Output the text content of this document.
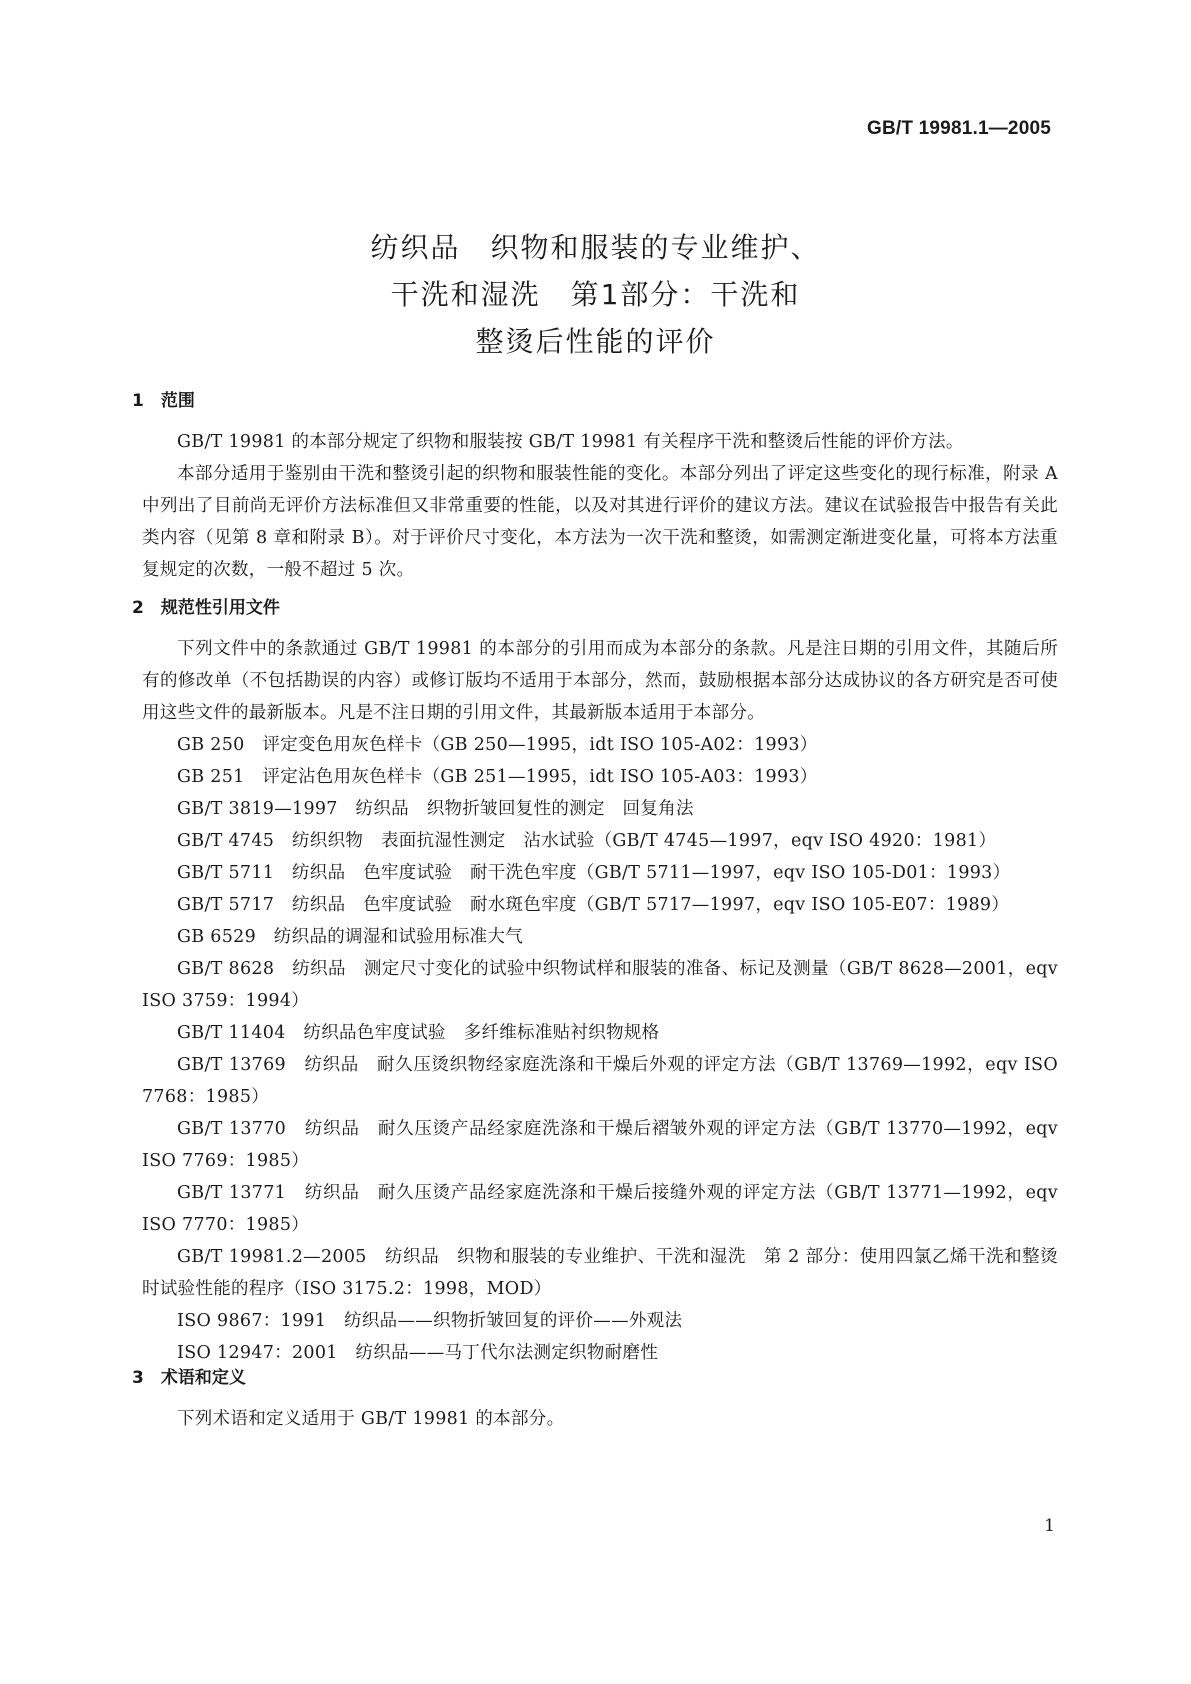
GB/T 19981.1—2005
纺织品　织物和服装的专业维护、
干洗和湿洗　第1部分：干洗和
整烫后性能的评价
1　范围

GB/T 19981 的本部分规定了织物和服装按 GB/T 19981 有关程序干洗和整烫后性能的评价方法。

本部分适用于鉴别由干洗和整烫引起的织物和服装性能的变化。本部分列出了评定这些变化的现行标准，附录 A 中列出了目前尚无评价方法标准但又非常重要的性能，以及对其进行评价的建议方法。建议在试验报告中报告有关此类内容（见第 8 章和附录 B）。对于评价尺寸变化，本方法为一次干洗和整烫，如需测定渐进变化量，可将本方法重复规定的次数，一般不超过 5 次。

2　规范性引用文件

下列文件中的条款通过 GB/T 19981 的本部分的引用而成为本部分的条款。凡是注日期的引用文件，其随后所有的修改单（不包括勘误的内容）或修订版均不适用于本部分，然而，鼓励根据本部分达成协议的各方研究是否可使用这些文件的最新版本。凡是不注日期的引用文件，其最新版本适用于本部分。

GB 250　评定变色用灰色样卡（GB 250—1995，idt ISO 105-A02：1993）

GB 251　评定沾色用灰色样卡（GB 251—1995，idt ISO 105-A03：1993）

GB/T 3819—1997　纺织品　织物折皱回复性的测定　回复角法

GB/T 4745　纺织织物　表面抗湿性测定　沾水试验（GB/T 4745—1997，eqv ISO 4920：1981）

GB/T 5711　纺织品　色牢度试验　耐干洗色牢度（GB/T 5711—1997，eqv ISO 105-D01：1993）

GB/T 5717　纺织品　色牢度试验　耐水斑色牢度（GB/T 5717—1997，eqv ISO 105-E07：1989）

GB 6529　纺织品的调湿和试验用标准大气

GB/T 8628　纺织品　测定尺寸变化的试验中织物试样和服装的准备、标记及测量（GB/T 8628—2001，eqv ISO 3759：1994）

GB/T 11404　纺织品色牢度试验　多纤维标准贴衬织物规格

GB/T 13769　纺织品　耐久压烫织物经家庭洗涤和干燥后外观的评定方法（GB/T 13769—1992，eqv ISO 7768：1985）

GB/T 13770　纺织品　耐久压烫产品经家庭洗涤和干燥后褶皱外观的评定方法（GB/T 13770—1992，eqv ISO 7769：1985）

GB/T 13771　纺织品　耐久压烫产品经家庭洗涤和干燥后接缝外观的评定方法（GB/T 13771—1992，eqv ISO 7770：1985）

GB/T 19981.2—2005　纺织品　织物和服装的专业维护、干洗和湿洗　第 2 部分：使用四氯乙烯干洗和整烫时试验性能的程序（ISO 3175.2：1998，MOD）

ISO 9867：1991　纺织品——织物折皱回复的评价——外观法

ISO 12947：2001　纺织品——马丁代尔法测定织物耐磨性

3　术语和定义

下列术语和定义适用于 GB/T 19981 的本部分。

1
